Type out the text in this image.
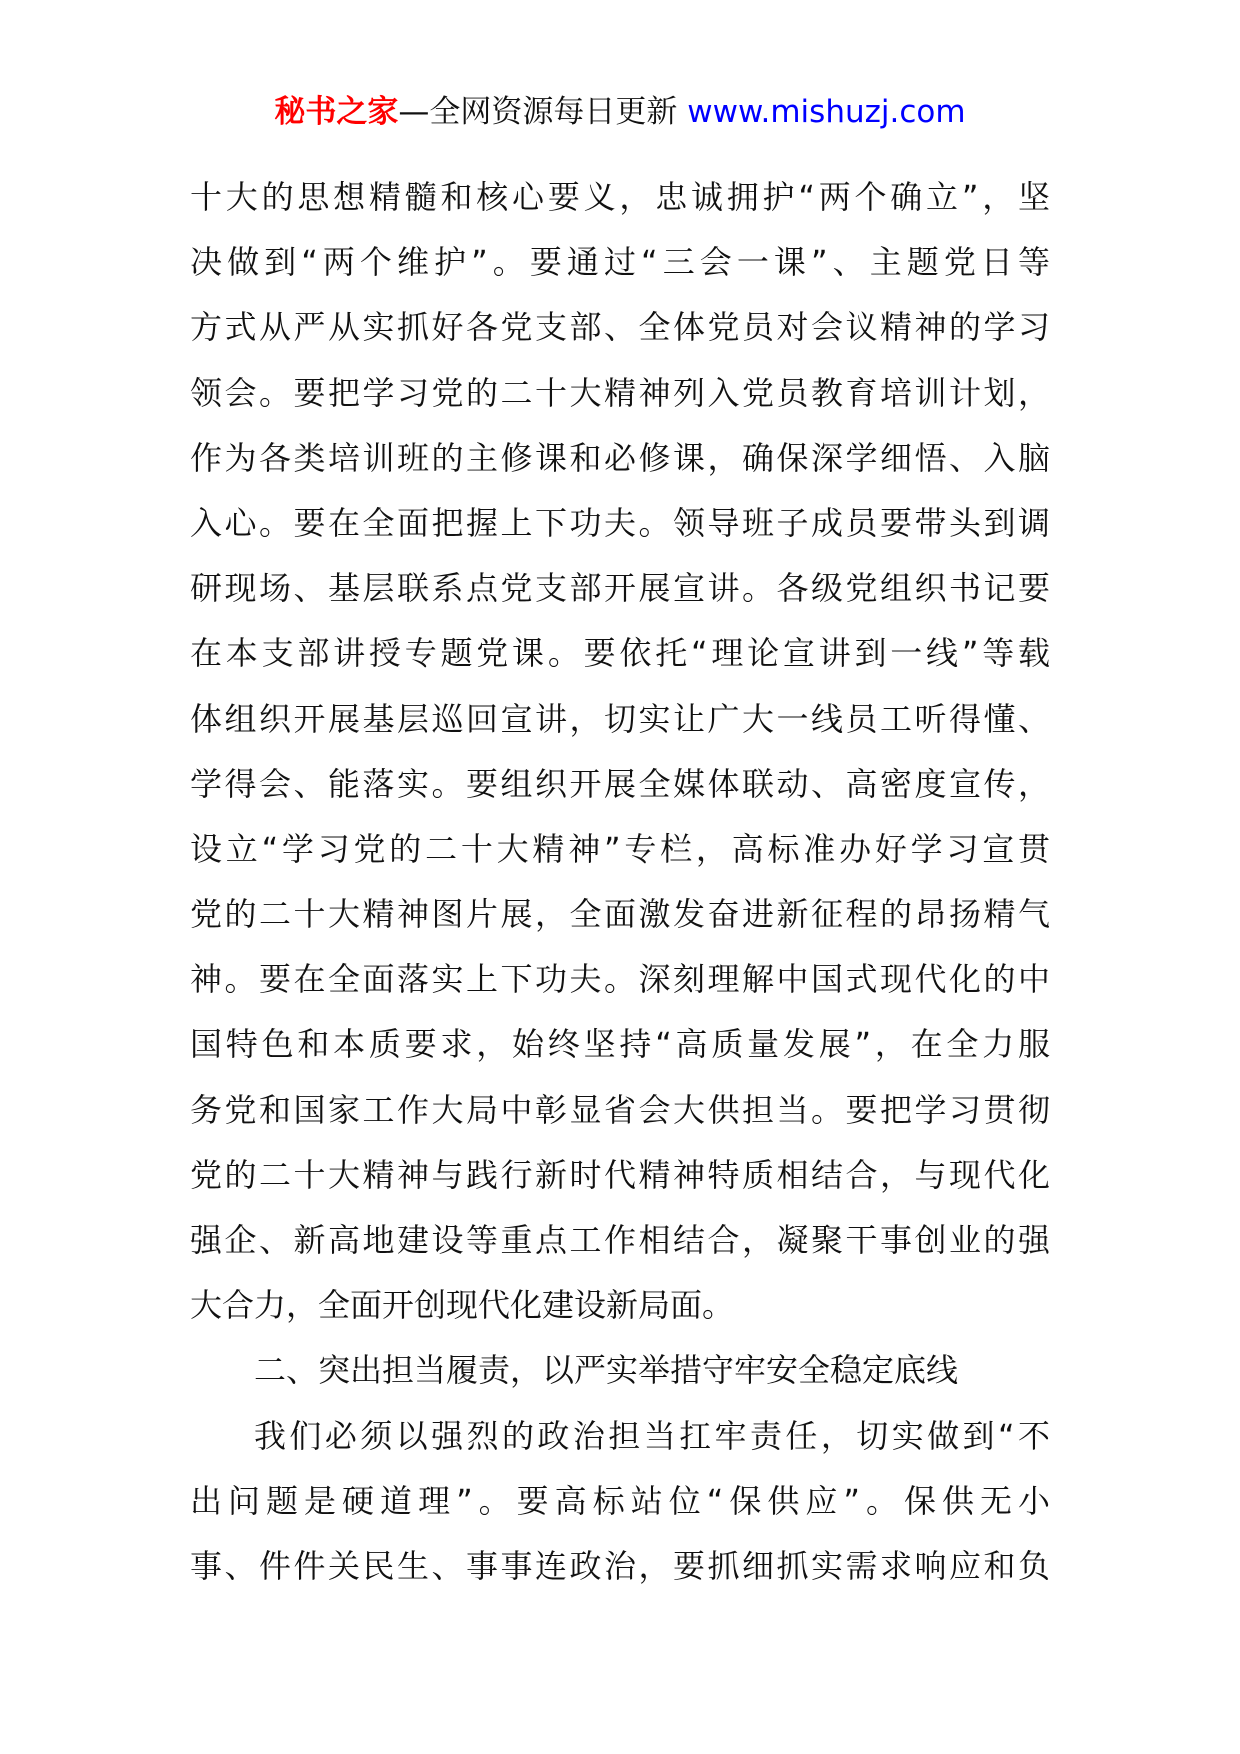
秘书之家—全网资源每日更新 www.mishuzj.com
十大的思想精髓和核心要义，忠诚拥护“两个确立”，坚
决做到“两个维护”。要通过“三会一课”、主题党日等
方式从严从实抓好各党支部、全体党员对会议精神的学习
领会。要把学习党的二十大精神列入党员教育培训计划，
作为各类培训班的主修课和必修课，确保深学细悟、入脑
入心。要在全面把握上下功夫。领导班子成员要带头到调
研现场、基层联系点党支部开展宣讲。各级党组织书记要
在本支部讲授专题党课。要依托“理论宣讲到一线”等载
体组织开展基层巡回宣讲，切实让广大一线员工听得懂、
学得会、能落实。要组织开展全媒体联动、高密度宣传，
设立“学习党的二十大精神”专栏，高标准办好学习宣贯
党的二十大精神图片展，全面激发奋进新征程的昂扬精气
神。要在全面落实上下功夫。深刻理解中国式现代化的中
国特色和本质要求，始终坚持“高质量发展”，在全力服
务党和国家工作大局中彰显省会大供担当。要把学习贯彻
党的二十大精神与践行新时代精神特质相结合，与现代化
强企、新高地建设等重点工作相结合，凝聚干事创业的强
大合力，全面开创现代化建设新局面。
二、突出担当履责，以严实举措守牢安全稳定底线
我们必须以强烈的政治担当扛牢责任，切实做到“不
出问题是硬道理”。要高标站位“保供应”。保供无小
事、件件关民生、事事连政治，要抓细抓实需求响应和负
